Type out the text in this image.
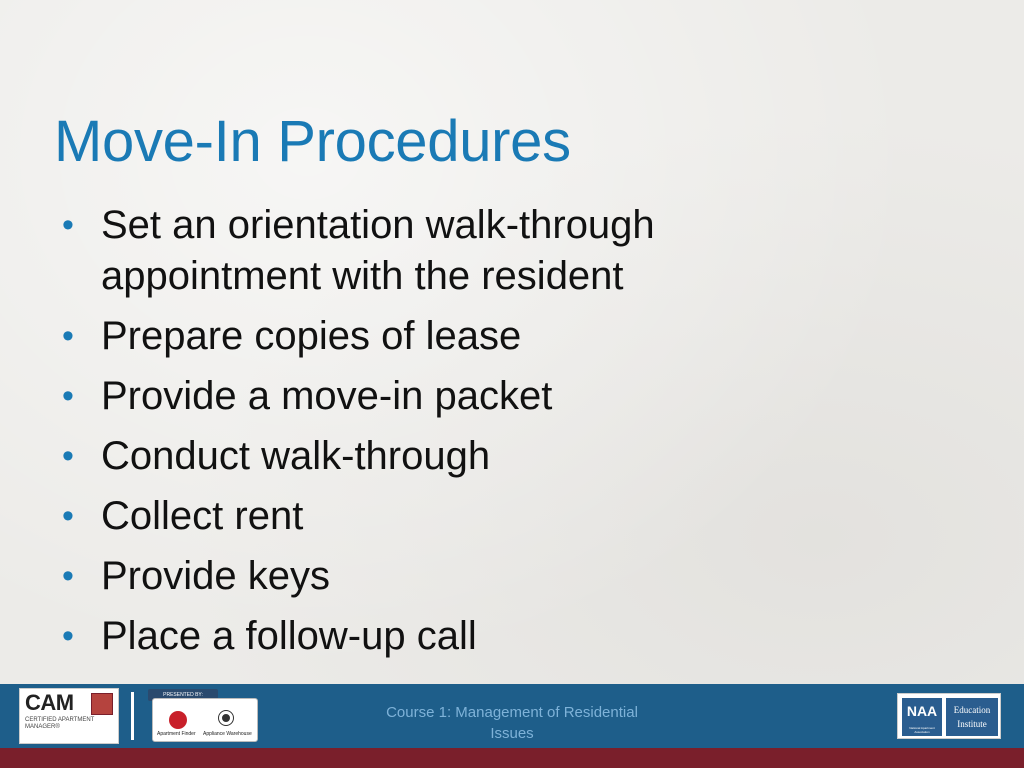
Move-In Procedures
• Set an orientation walk-through appointment with the resident
• Prepare copies of lease
• Provide a move-in packet
• Conduct walk-through
• Collect rent
• Provide keys
• Place a follow-up call
CAM
CERTIFIED APARTMENT MANAGER®
PRESENTED BY:
Apartment Finder Appliance Warehouse
Course 1: Management of Residential Issues
NAA
National Apartment Association
Education
Institute
